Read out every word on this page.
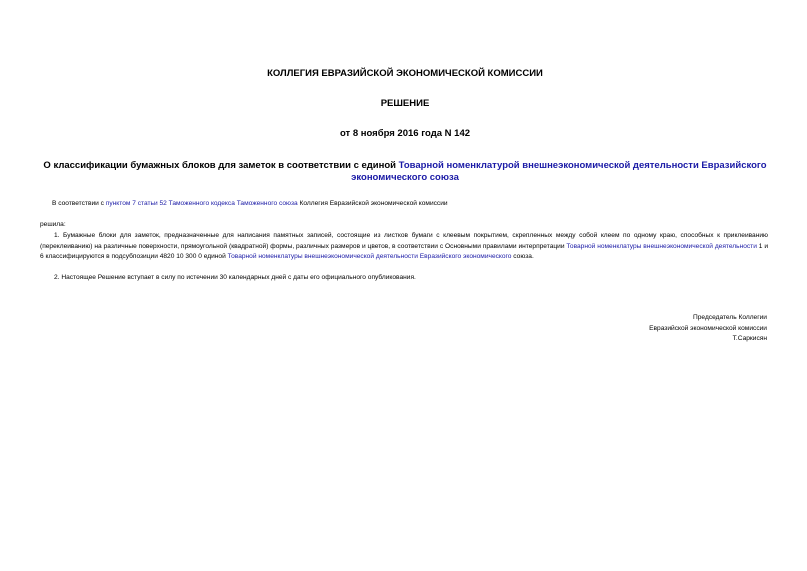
КОЛЛЕГИЯ ЕВРАЗИЙСКОЙ ЭКОНОМИЧЕСКОЙ КОМИССИИ
РЕШЕНИЕ
от 8 ноября 2016 года N 142
О классификации бумажных блоков для заметок в соответствии с единой Товарной номенклатурой внешнеэкономической деятельности Евразийского экономического союза
В соответствии с пунктом 7 статьи 52 Таможенного кодекса Таможенного союза Коллегия Евразийской экономической комиссии
решила:
1. Бумажные блоки для заметок, предназначенные для написания памятных записей, состоящие из листков бумаги с клеевым покрытием, скрепленных между собой клеем по одному краю, способных к приклеиванию (переклеиванию) на различные поверхности, прямоугольной (квадратной) формы, различных размеров и цветов, в соответствии с Основными правилами интерпретации Товарной номенклатуры внешнеэкономической деятельности 1 и 6 классифицируются в подсубпозиции 4820 10 300 0 единой Товарной номенклатуры внешнеэкономической деятельности Евразийского экономического союза.
2. Настоящее Решение вступает в силу по истечении 30 календарных дней с даты его официального опубликования.
Председатель Коллегии
Евразийской экономической комиссии
Т.Саркисян
